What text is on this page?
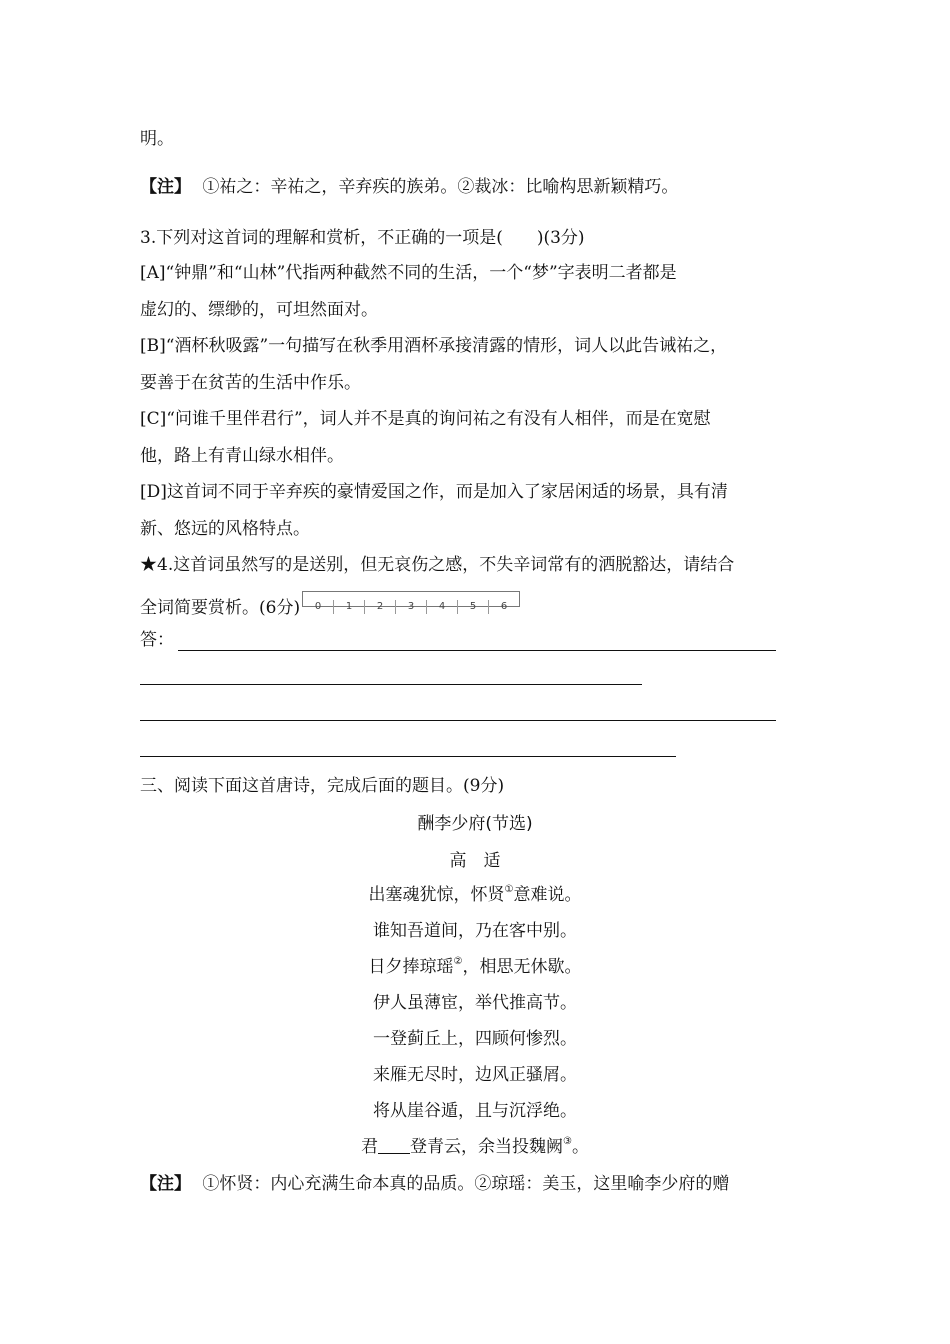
明。
【注】 ①祐之：辛祐之，辛弃疾的族弟。②裁冰：比喻构思新颖精巧。
3.下列对这首词的理解和赏析，不正确的一项是(　　)(3分)
[A]“钟鼎”和“山林”代指两种截然不同的生活，一个“梦”字表明二者都是
虚幻的、缥缈的，可坦然面对。
[B]“酒杯秋吸露”一句描写在秋季用酒杯承接清露的情形，词人以此告诫祐之，
要善于在贫苦的生活中作乐。
[C]“问谁千里伴君行”，词人并不是真的询问祐之有没有人相伴，而是在宽慰
他，路上有青山绿水相伴。
[D]这首词不同于辛弃疾的豪情爱国之作，而是加入了家居闲适的场景，具有清
新、悠远的风格特点。
★4.这首词虽然写的是送别，但无哀伤之感，不失辛词常有的洒脱豁达，请结合
全词简要赏析。(6分) 0 1 2 3 4 5 6
答：
三、阅读下面这首唐诗，完成后面的题目。(9分)
酬李少府(节选)
高　适
出塞魂犹惊，怀贤①意难说。
谁知吾道间，乃在客中别。
日夕捧琼瑶②，相思无休歇。
伊人虽薄宦，举代推高节。
一登蓟丘上，四顾何惨烈。
来雁无尽时，边风正骚屑。
将从崖谷遁，且与沉浮绝。
君 登青云，余当投魏阙③。
【注】 ①怀贤：内心充满生命本真的品质。②琼瑶：美玉，这里喻李少府的赠
